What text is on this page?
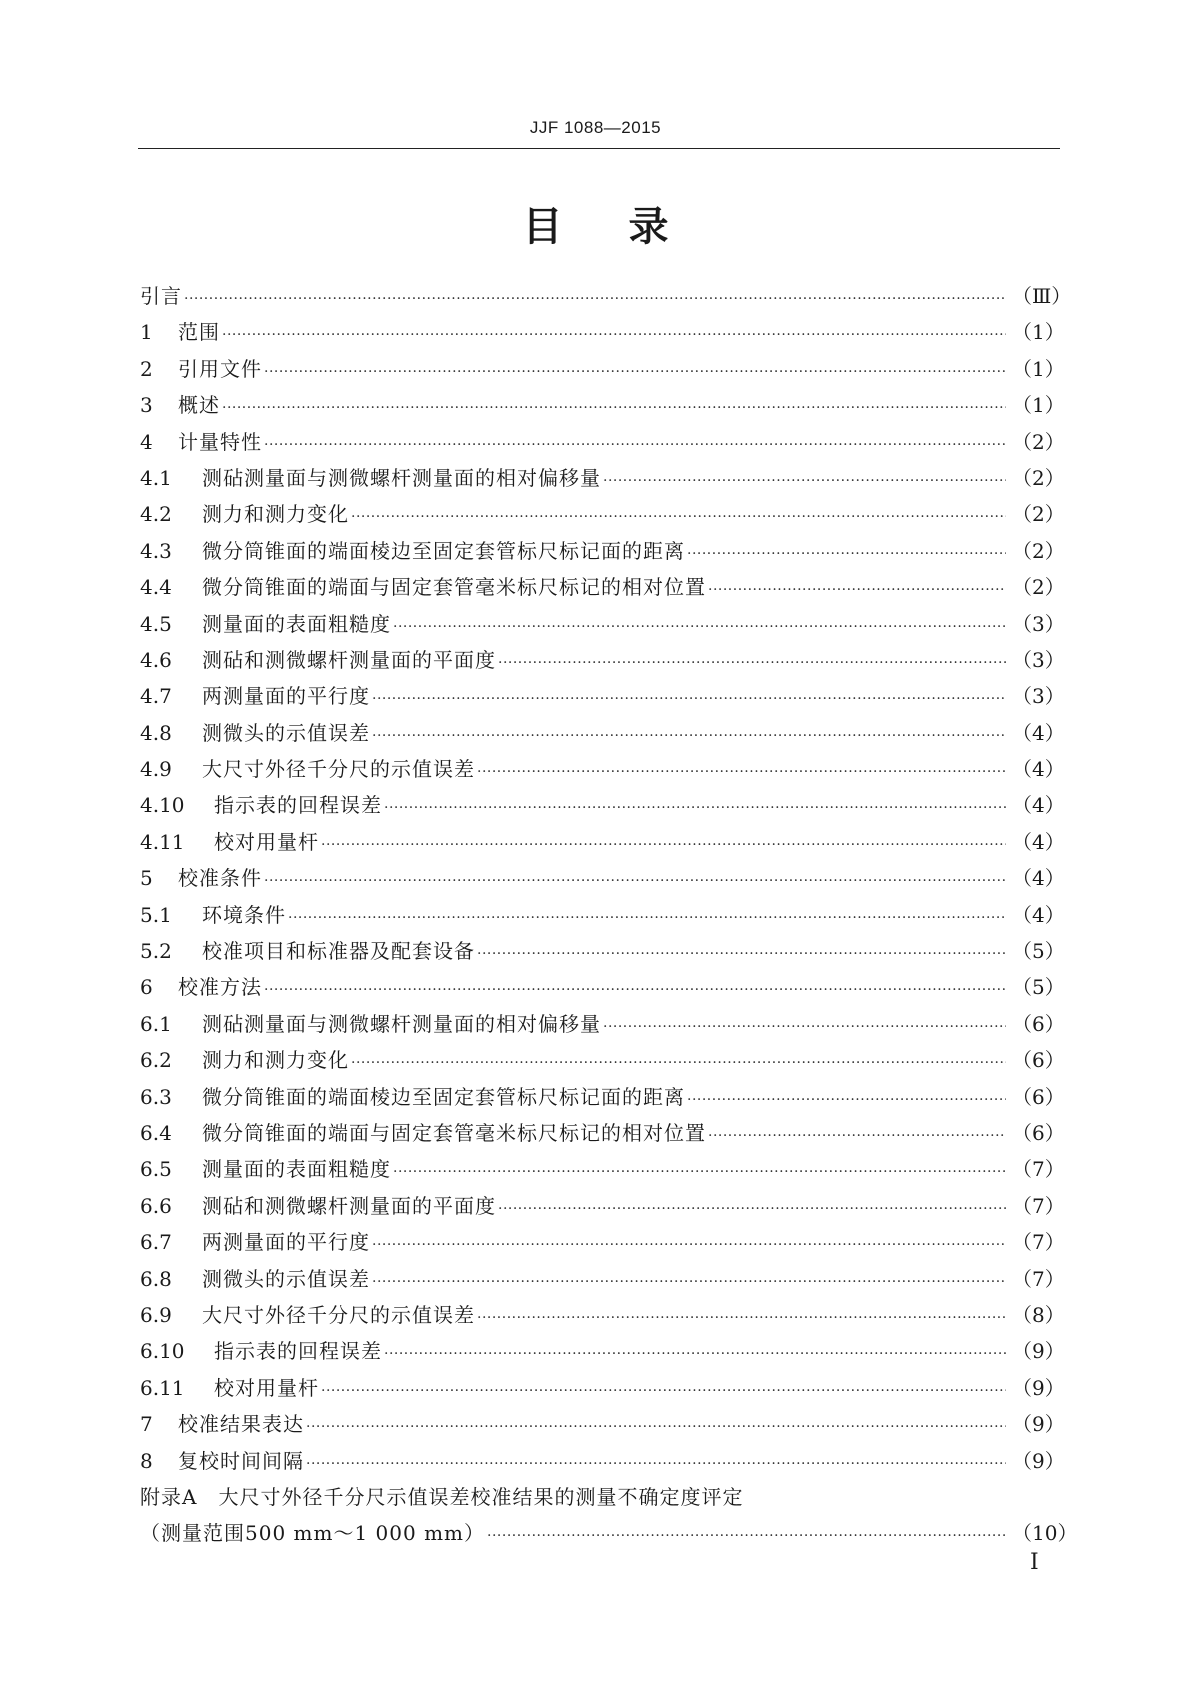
JJF 1088—2015
目录
引言 ·····	（Ⅲ）
1	范围 ·····	（1）
2	引用文件 ·····	（1）
3	概述 ·····	（1）
4	计量特性 ·····	（2）
4.1	测砧测量面与测微螺杆测量面的相对偏移量 ·····	（2）
4.2	测力和测力变化 ·····	（2）
4.3	微分筒锥面的端面棱边至固定套管标尺标记面的距离 ·····	（2）
4.4	微分筒锥面的端面与固定套管毫米标尺标记的相对位置 ·····	（2）
4.5	测量面的表面粗糙度 ·····	（3）
4.6	测砧和测微螺杆测量面的平面度 ·····	（3）
4.7	两测量面的平行度 ·····	（3）
4.8	测微头的示值误差 ·····	（4）
4.9	大尺寸外径千分尺的示值误差 ·····	（4）
4.10	指示表的回程误差 ·····	（4）
4.11	校对用量杆 ·····	（4）
5	校准条件 ·····	（4）
5.1	环境条件 ·····	（4）
5.2	校准项目和标准器及配套设备 ·····	（5）
6	校准方法 ·····	（5）
6.1	测砧测量面与测微螺杆测量面的相对偏移量 ·····	（6）
6.2	测力和测力变化 ·····	（6）
6.3	微分筒锥面的端面棱边至固定套管标尺标记面的距离 ·····	（6）
6.4	微分筒锥面的端面与固定套管毫米标尺标记的相对位置 ·····	（6）
6.5	测量面的表面粗糙度 ·····	（7）
6.6	测砧和测微螺杆测量面的平面度 ·····	（7）
6.7	两测量面的平行度 ·····	（7）
6.8	测微头的示值误差 ·····	（7）
6.9	大尺寸外径千分尺的示值误差 ·····	（8）
6.10	指示表的回程误差 ·····	（9）
6.11	校对用量杆 ·····	（9）
7	校准结果表达 ·····	（9）
8	复校时间间隔 ·····	（9）
附录A　大尺寸外径千分尺示值误差校准结果的测量不确定度评定
（测量范围500 mm～1 000 mm） ·····	（10）
Ⅰ
